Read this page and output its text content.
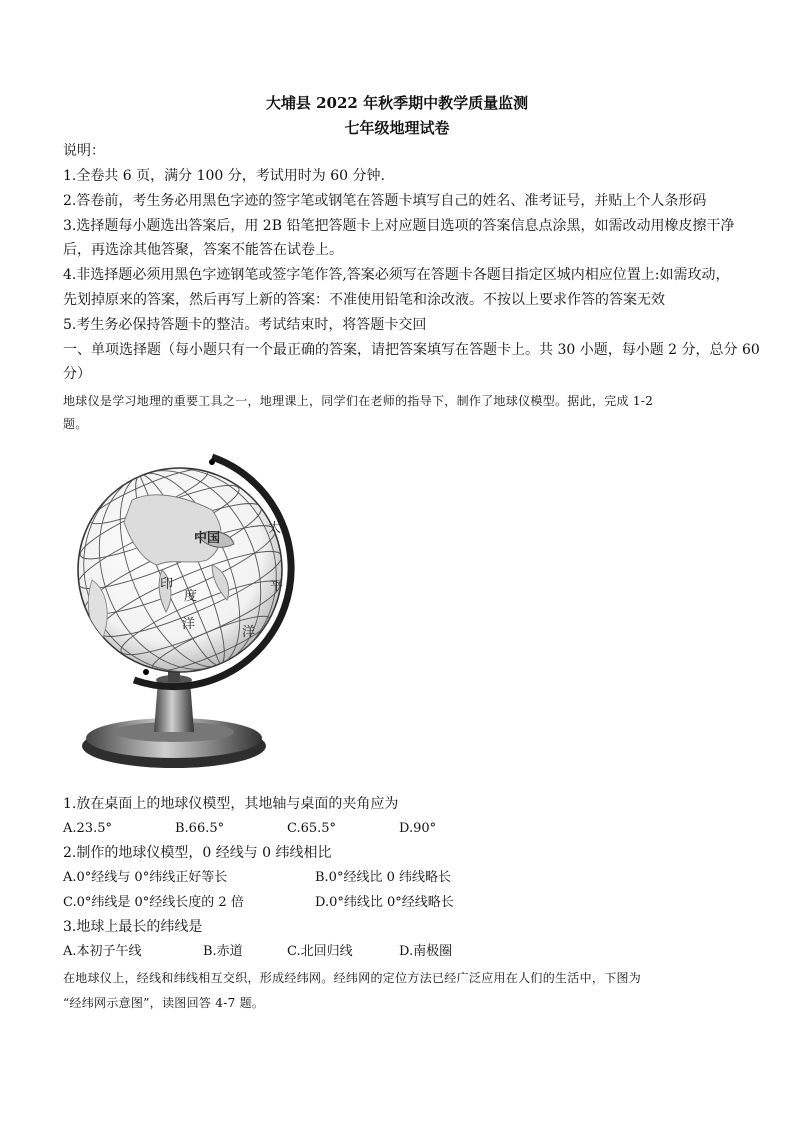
大埔县 2022 年秋季期中教学质量监测
七年级地理试卷
说明：
1.全卷共 6 页，满分 100 分，考试用时为 60 分钟.
2.答卷前，考生务必用黑色字迹的签字笔或钢笔在答题卡填写自己的姓名、准考证号，并贴上个人条形码
3.选择题每小题选出答案后，用 2B 铅笔把答题卡上对应题目选项的答案信息点涂黑，如需改动用橡皮擦干净
后，再选涂其他答聚，答案不能答在试卷上。
4.非选择题必须用黑色字迹钢笔或签字笔作答,答案必须写在答题卡各题目指定区城内相应位置上:如需玫动，
先划掉原来的答案，然后再写上新的答案：不准使用铅笔和涂改液。不按以上要求作答的答案无效
5.考生务必保持答题卡的整洁。考试结束时，将答题卡交回
一、单项选择题（每小题只有一个最正确的答案，请把答案填写在答题卡上。共 30 小题，每小题 2 分，总分 60
分）
地球仪是学习地理的重要工具之一，地理课上，同学们在老师的指导下，制作了地球仪模型。据此，完成 1-2
题。
中国
印
度
洋
太
平
洋
1.放在桌面上的地球仪模型，其地轴与桌面的夹角应为
A.23.5°	B.66.5°	C.65.5°	D.90°
2.制作的地球仪模型，0 经线与 0 纬线相比
A.0°经线与 0°纬线正好等长	B.0°经线比 0 纬线略长
C.0°纬线是 0°经线长度的 2 倍	D.0°纬线比 0°经线略长
3.地球上最长的纬线是
A.本初子午线	B.赤道	C.北回归线	D.南极圈
在地球仪上，经线和纬线相互交织，形成经纬网。经纬网的定位方法已经广泛应用在人们的生活中，下图为
“经纬网示意图”，读图回答 4-7 题。
